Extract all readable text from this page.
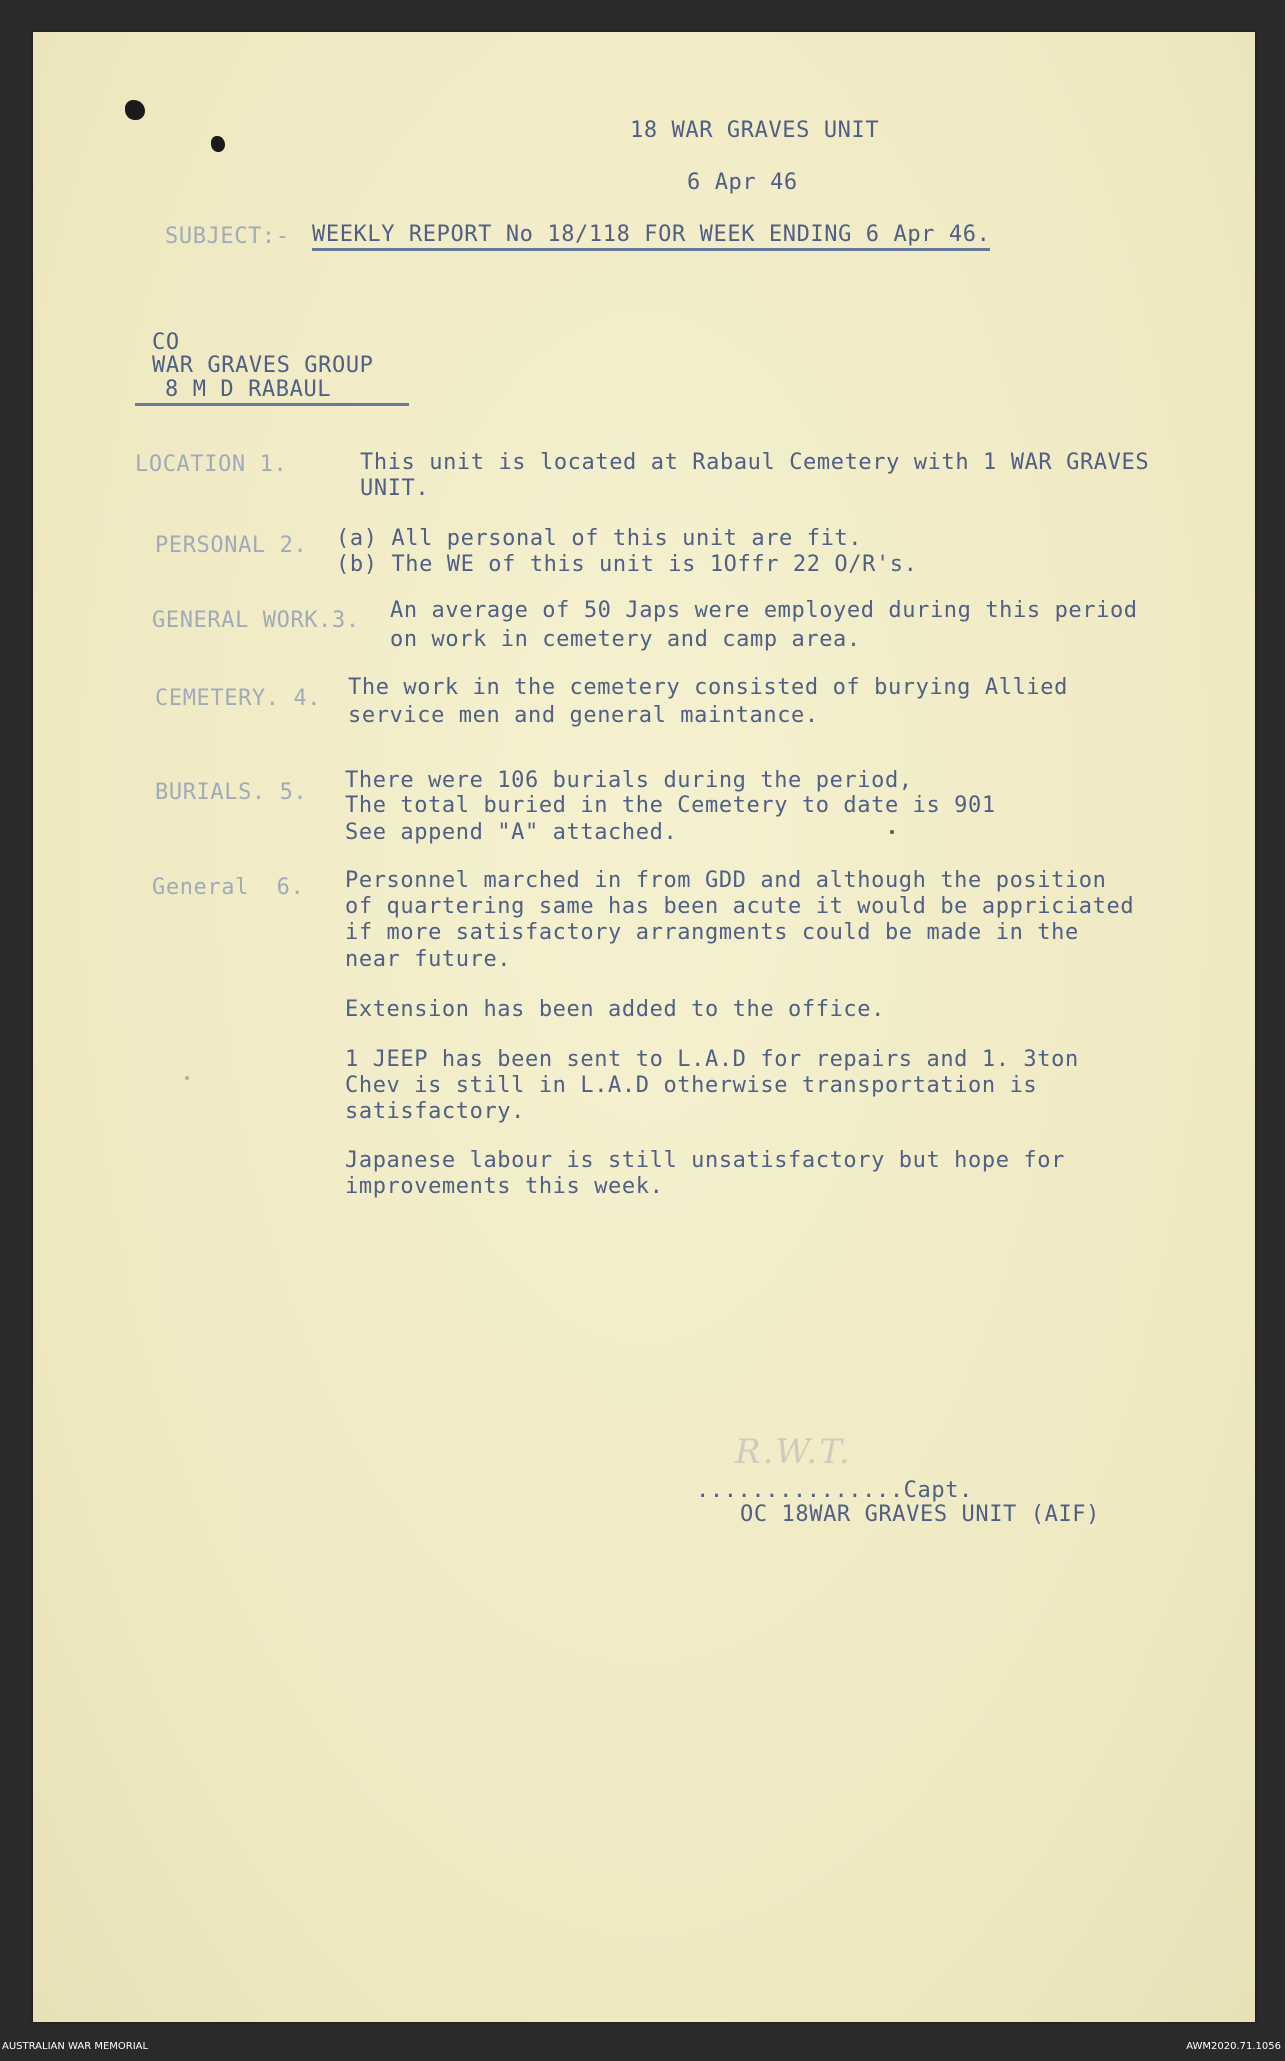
18 WAR GRAVES UNIT
6 Apr 46
SUBJECT:- WEEKLY REPORT No 18/118 FOR WEEK ENDING 6 Apr 46.
CO
WAR GRAVES GROUP
8 M D RABAUL
LOCATION 1.	This unit is located at Rabaul Cemetery with 1 WAR GRAVES
UNIT.
PERSONAL 2. (a) All personal of this unit are fit.
(b) The WE of this unit is 1Offr 22 O/R's.
GENERAL WORK.3. An average of 50 Japs were employed during this period
on work in cemetery and camp area.
CEMETERY. 4. The work in the cemetery consisted of burying Allied
service men and general maintance.
BURIALS. 5. There were 106 burials during the period,
The total buried in the Cemetery to date is 901
See append "A" attached.
General  6. Personnel marched in from GDD and although the position
of quartering same has been acute it would be appriciated
if more satisfactory arrangments could be made in the
near future.
Extension has been added to the office.
1 JEEP has been sent to L.A.D for repairs and 1. 3ton
Chev is still in L.A.D otherwise transportation is
satisfactory.
Japanese labour is still unsatisfactory but hope for
improvements this week.
R.W.T.
...............Capt.
OC 18WAR GRAVES UNIT (AIF)
AUSTRALIAN WAR MEMORIAL	AWM2020.71.1056
